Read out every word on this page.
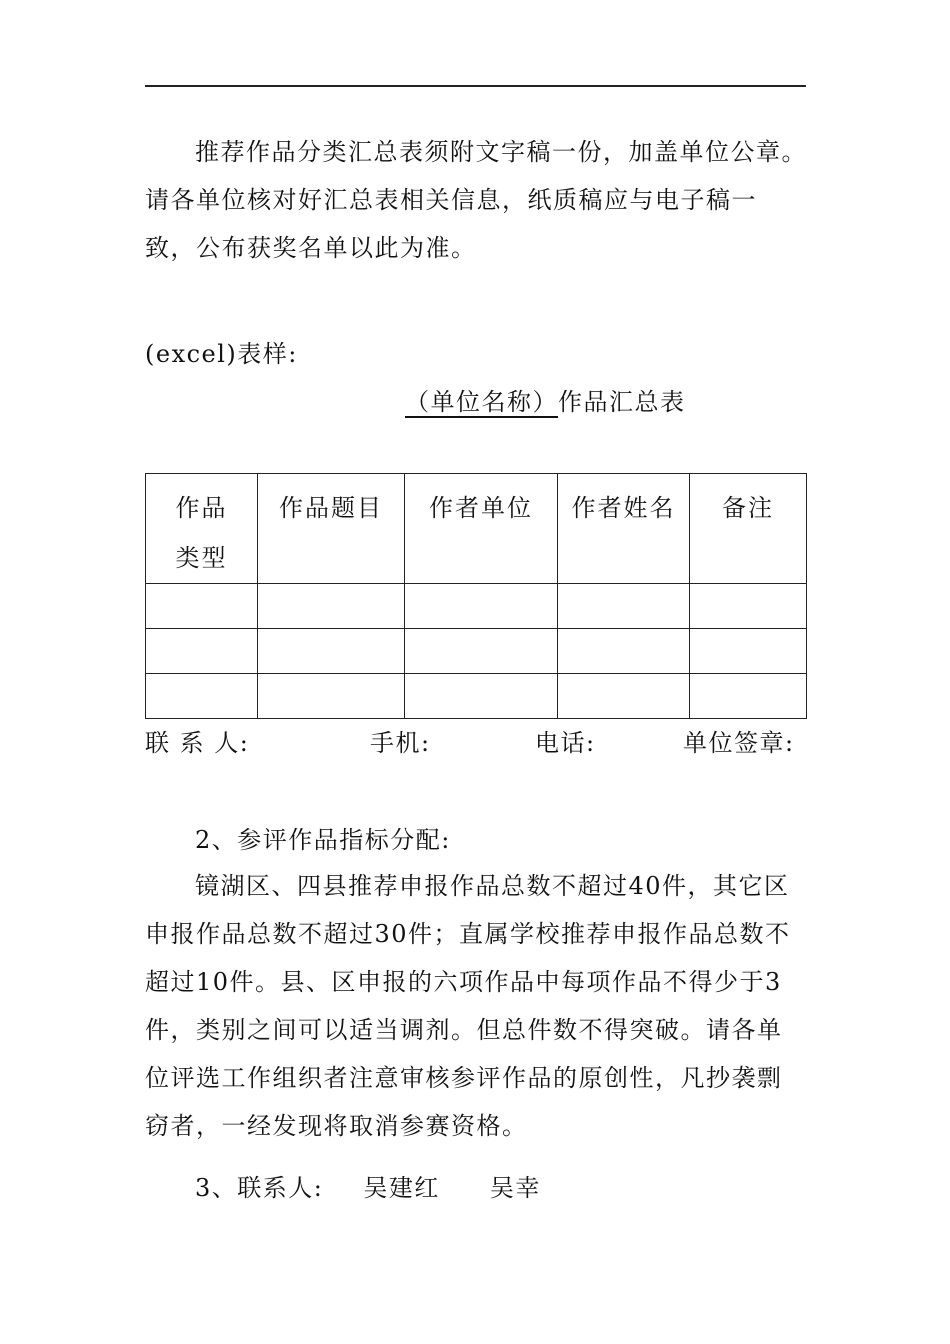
推荐作品分类汇总表须附文字稿一份，加盖单位公章。请各单位核对好汇总表相关信息，纸质稿应与电子稿一致，公布获奖名单以此为准。

(excel)表样:
（单位名称）作品汇总表
作品类型	作品题目	作者单位	作者姓名	备注

联 系 人:	手机:	电话:	单位签章:
2、参评作品指标分配:

镜湖区、四县推荐申报作品总数不超过40件，其它区申报作品总数不超过30件；直属学校推荐申报作品总数不超过10件。县、区申报的六项作品中每项作品不得少于3件，类别之间可以适当调剂。但总件数不得突破。请各单位评选工作组织者注意审核参评作品的原创性，凡抄袭剽窃者，一经发现将取消参赛资格。

3、联系人: 吴建红 吴幸
